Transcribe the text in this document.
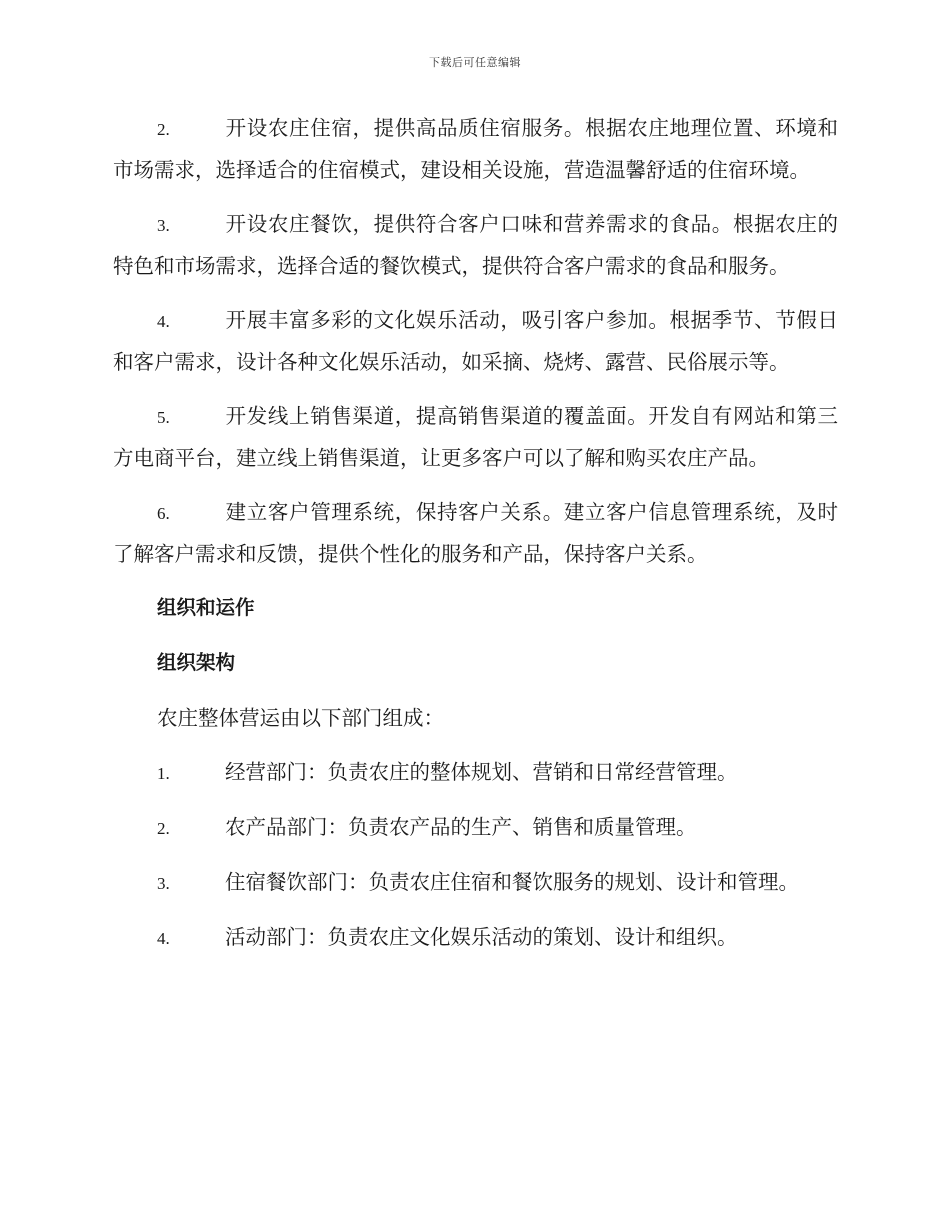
下载后可任意编辑

2.	开设农庄住宿，提供高品质住宿服务。根据农庄地理位置、环境和市场需求，选择适合的住宿模式，建设相关设施，营造温馨舒适的住宿环境。

3.	开设农庄餐饮，提供符合客户口味和营养需求的食品。根据农庄的特色和市场需求，选择合适的餐饮模式，提供符合客户需求的食品和服务。

4.	开展丰富多彩的文化娱乐活动，吸引客户参加。根据季节、节假日和客户需求，设计各种文化娱乐活动，如采摘、烧烤、露营、民俗展示等。

5.	开发线上销售渠道，提高销售渠道的覆盖面。开发自有网站和第三方电商平台，建立线上销售渠道，让更多客户可以了解和购买农庄产品。

6.	建立客户管理系统，保持客户关系。建立客户信息管理系统，及时了解客户需求和反馈，提供个性化的服务和产品，保持客户关系。

组织和运作
组织架构

农庄整体营运由以下部门组成：

1.	经营部门：负责农庄的整体规划、营销和日常经营管理。

2.	农产品部门：负责农产品的生产、销售和质量管理。

3.	住宿餐饮部门：负责农庄住宿和餐饮服务的规划、设计和管理。

4.	活动部门：负责农庄文化娱乐活动的策划、设计和组织。
